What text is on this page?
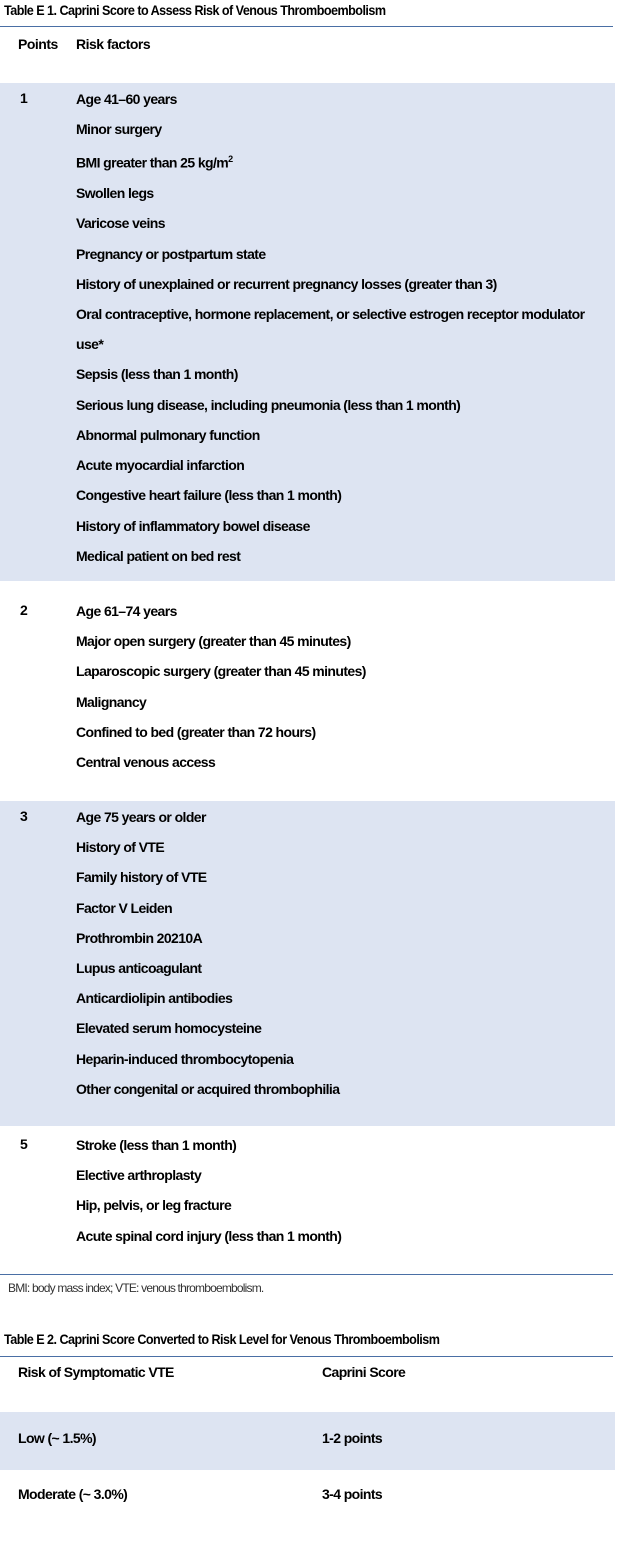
Table E 1. Caprini Score to Assess Risk of Venous Thromboembolism
Points Risk factors
1	Age 41–60 years
Minor surgery
BMI greater than 25 $kg/m^2$
Swollen legs
Varicose veins
Pregnancy or postpartum state
History of unexplained or recurrent pregnancy losses (greater than 3)
Oral contraceptive, hormone replacement, or selective estrogen receptor modulator use*
Sepsis (less than 1 month)
Serious lung disease, including pneumonia (less than 1 month)
Abnormal pulmonary function
Acute myocardial infarction
Congestive heart failure (less than 1 month)
History of inflammatory bowel disease
Medical patient on bed rest
2	Age 61–74 years
Major open surgery (greater than 45 minutes)
Laparoscopic surgery (greater than 45 minutes)
Malignancy
Confined to bed (greater than 72 hours)
Central venous access
3	Age 75 years or older
History of VTE
Family history of VTE
Factor V Leiden
Prothrombin 20210A
Lupus anticoagulant
Anticardiolipin antibodies
Elevated serum homocysteine
Heparin-induced thrombocytopenia
Other congenital or acquired thrombophilia
5	Stroke (less than 1 month)
Elective arthroplasty
Hip, pelvis, or leg fracture
Acute spinal cord injury (less than 1 month)
BMI: body mass index; VTE: venous thromboembolism.
Table E 2. Caprini Score Converted to Risk Level for Venous Thromboembolism
Risk of Symptomatic VTE	Caprini Score
Low (~ 1.5%)	1-2 points
Moderate (~ 3.0%)	3-4 points
